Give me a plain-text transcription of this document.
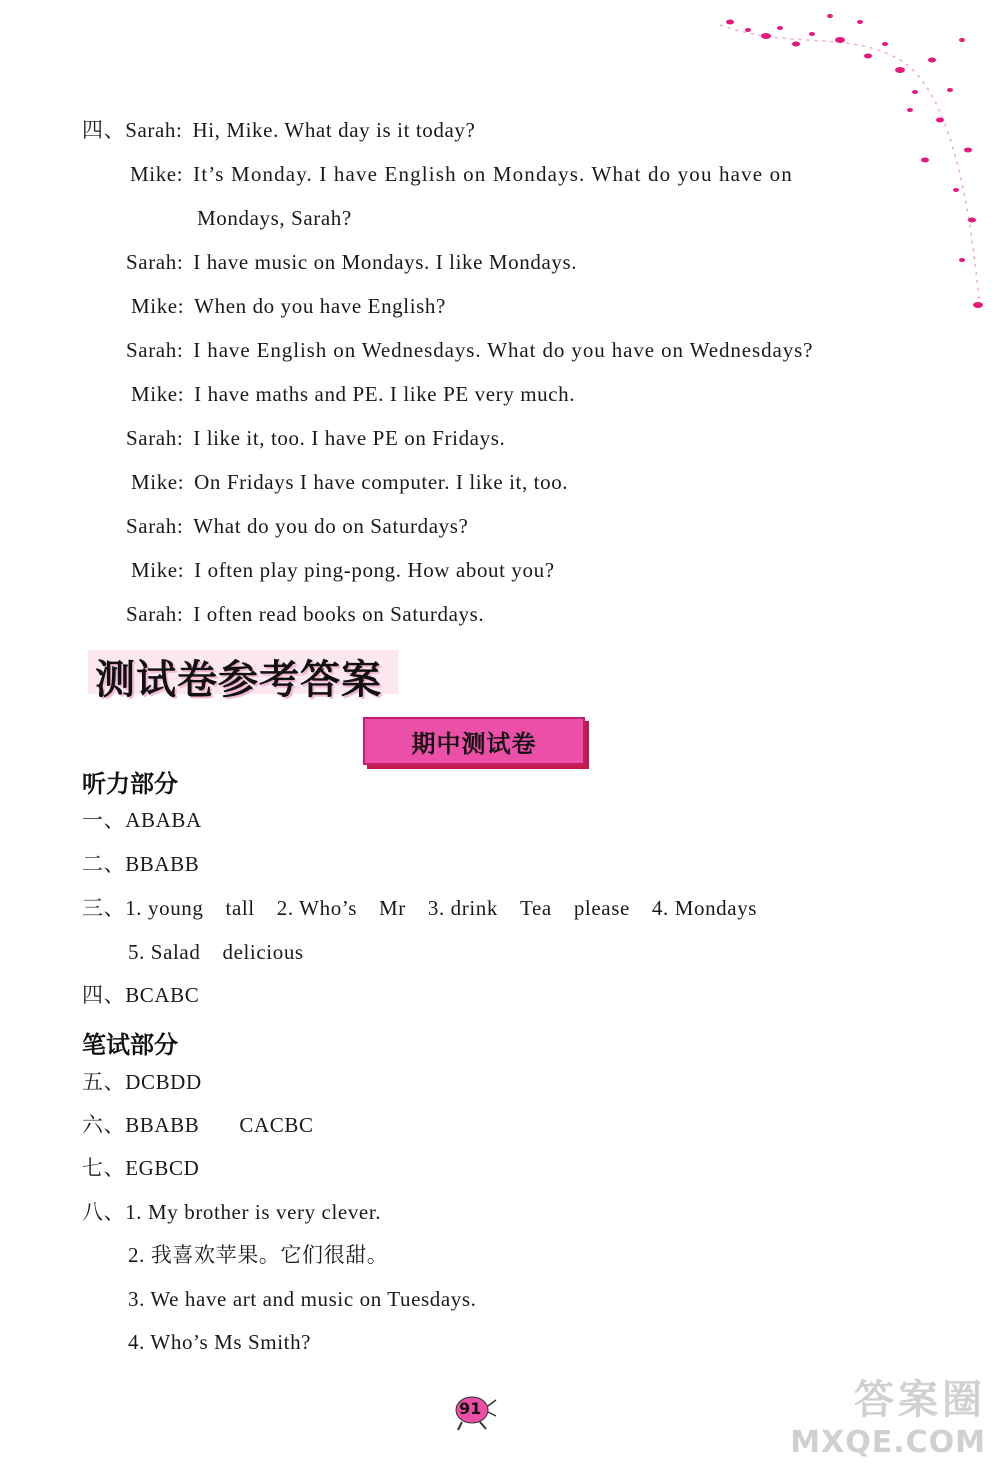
四、Sarah: Hi, Mike. What day is it today?
Mike: It’s Monday. I have English on Mondays. What do you have on
Mondays, Sarah?
Sarah: I have music on Mondays. I like Mondays.
Mike: When do you have English?
Sarah: I have English on Wednesdays. What do you have on Wednesdays?
Mike: I have maths and PE. I like PE very much.
Sarah: I like it, too. I have PE on Fridays.
Mike: On Fridays I have computer. I like it, too.
Sarah: What do you do on Saturdays?
Mike: I often play ping-pong. How about you?
Sarah: I often read books on Saturdays.
测试卷参考答案
期中测试卷
听力部分
一、ABABA
二、BBABB
三、1. young tall 2. Who’s Mr 3. drink Tea please 4. Mondays
5. Salad delicious
四、BCABC
笔试部分
五、DCBDD
六、BBABB CACBC
七、EGBCD
八、1. My brother is very clever.
2. 我喜欢苹果。它们很甜。
3. We have art and music on Tuesdays.
4. Who’s Ms Smith?
91	答案圈
MXQE.COM
